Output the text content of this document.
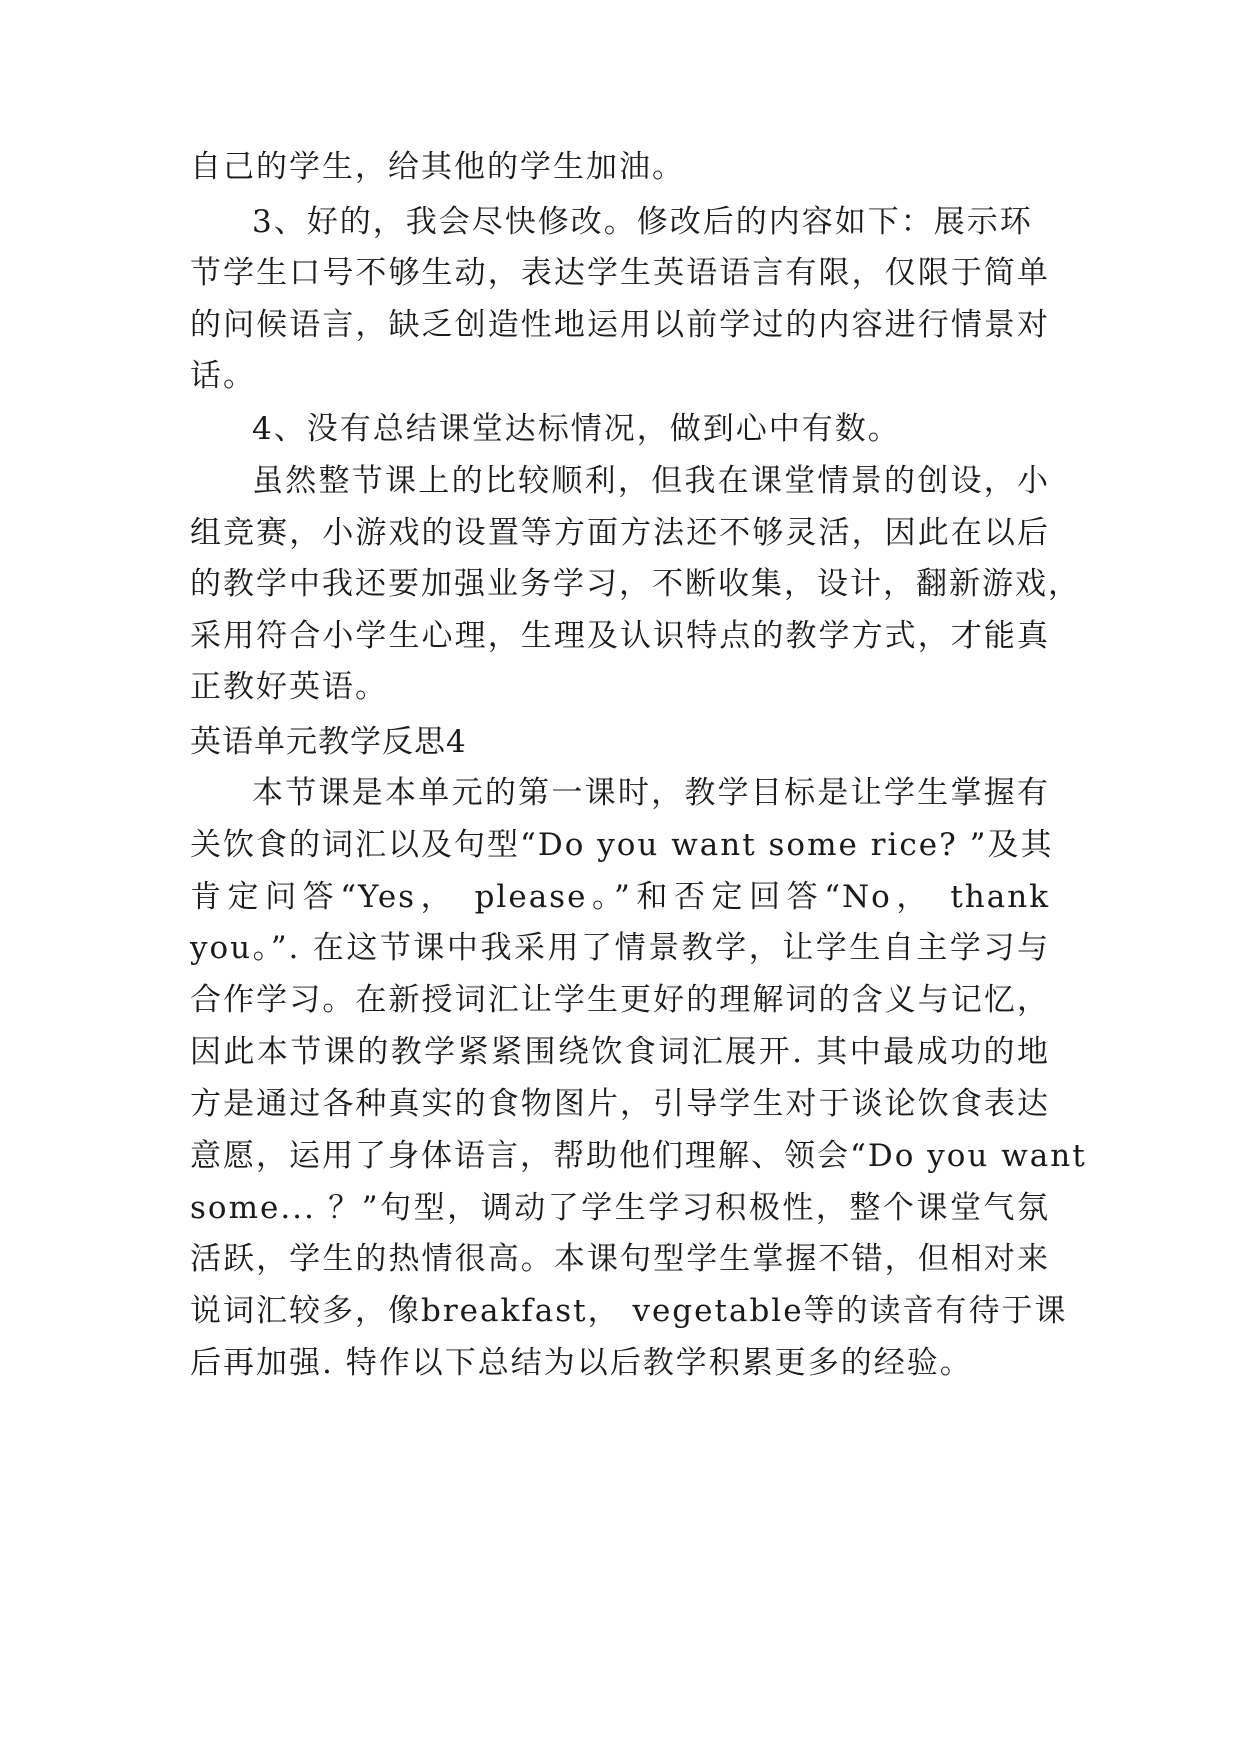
自己的学生，给其他的学生加油。
3、好的，我会尽快修改。修改后的内容如下：展示环
节学生口号不够生动，表达学生英语语言有限，仅限于简单
的问候语言，缺乏创造性地运用以前学过的内容进行情景对
话。
4、没有总结课堂达标情况，做到心中有数。
虽然整节课上的比较顺利，但我在课堂情景的创设，小
组竞赛，小游戏的设置等方面方法还不够灵活，因此在以后
的教学中我还要加强业务学习，不断收集，设计，翻新游戏，
采用符合小学生心理，生理及认识特点的教学方式，才能真
正教好英语。
英语单元教学反思4
本节课是本单元的第一课时，教学目标是让学生掌握有
关饮食的词汇以及句型“Do you want some rice? ”及其
肯定问答“Yes， please。”和否定回答“No， thank
you。”. 在这节课中我采用了情景教学，让学生自主学习与
合作学习。在新授词汇让学生更好的理解词的含义与记忆，
因此本节课的教学紧紧围绕饮食词汇展开. 其中最成功的地
方是通过各种真实的食物图片，引导学生对于谈论饮食表达
意愿，运用了身体语言，帮助他们理解、领会“Do you want
some... ？”句型，调动了学生学习积极性，整个课堂气氛
活跃，学生的热情很高。本课句型学生掌握不错，但相对来
说词汇较多，像breakfast， vegetable等的读音有待于课
后再加强. 特作以下总结为以后教学积累更多的经验。
